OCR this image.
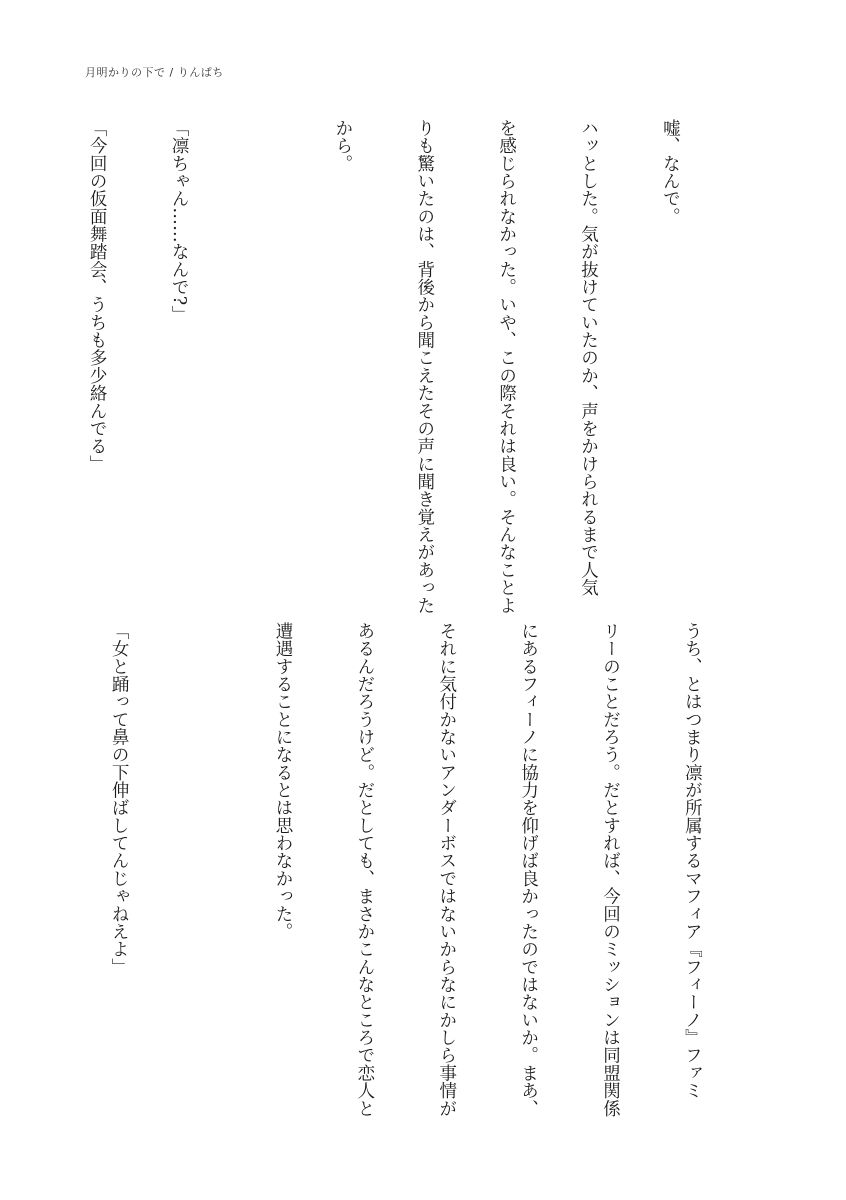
月明かりの下で / りんぱち

嘘、なんで。

ハッとした。気が抜けていたのか、声をかけられるまで人気

を感じられなかった。いや、この際それは良い。そんなことよ

りも驚いたのは、背後から聞こえたその声に聞き覚えがあった

から。

「凛ちゃん……なんで?」

「今回の仮面舞踏会、うちも多少絡んでる」

うち、とはつまり凛が所属するマフィア『フィーノ』ファミ

リーのことだろう。だとすれば、今回のミッションは同盟関係

にあるフィーノに協力を仰げば良かったのではないか。まあ、

それに気付かないアンダーボスではないからなにかしら事情が

あるんだろうけど。だとしても、まさかこんなところで恋人と

遭遇することになるとは思わなかった。

「女と踊って鼻の下伸ばしてんじゃねえよ」
